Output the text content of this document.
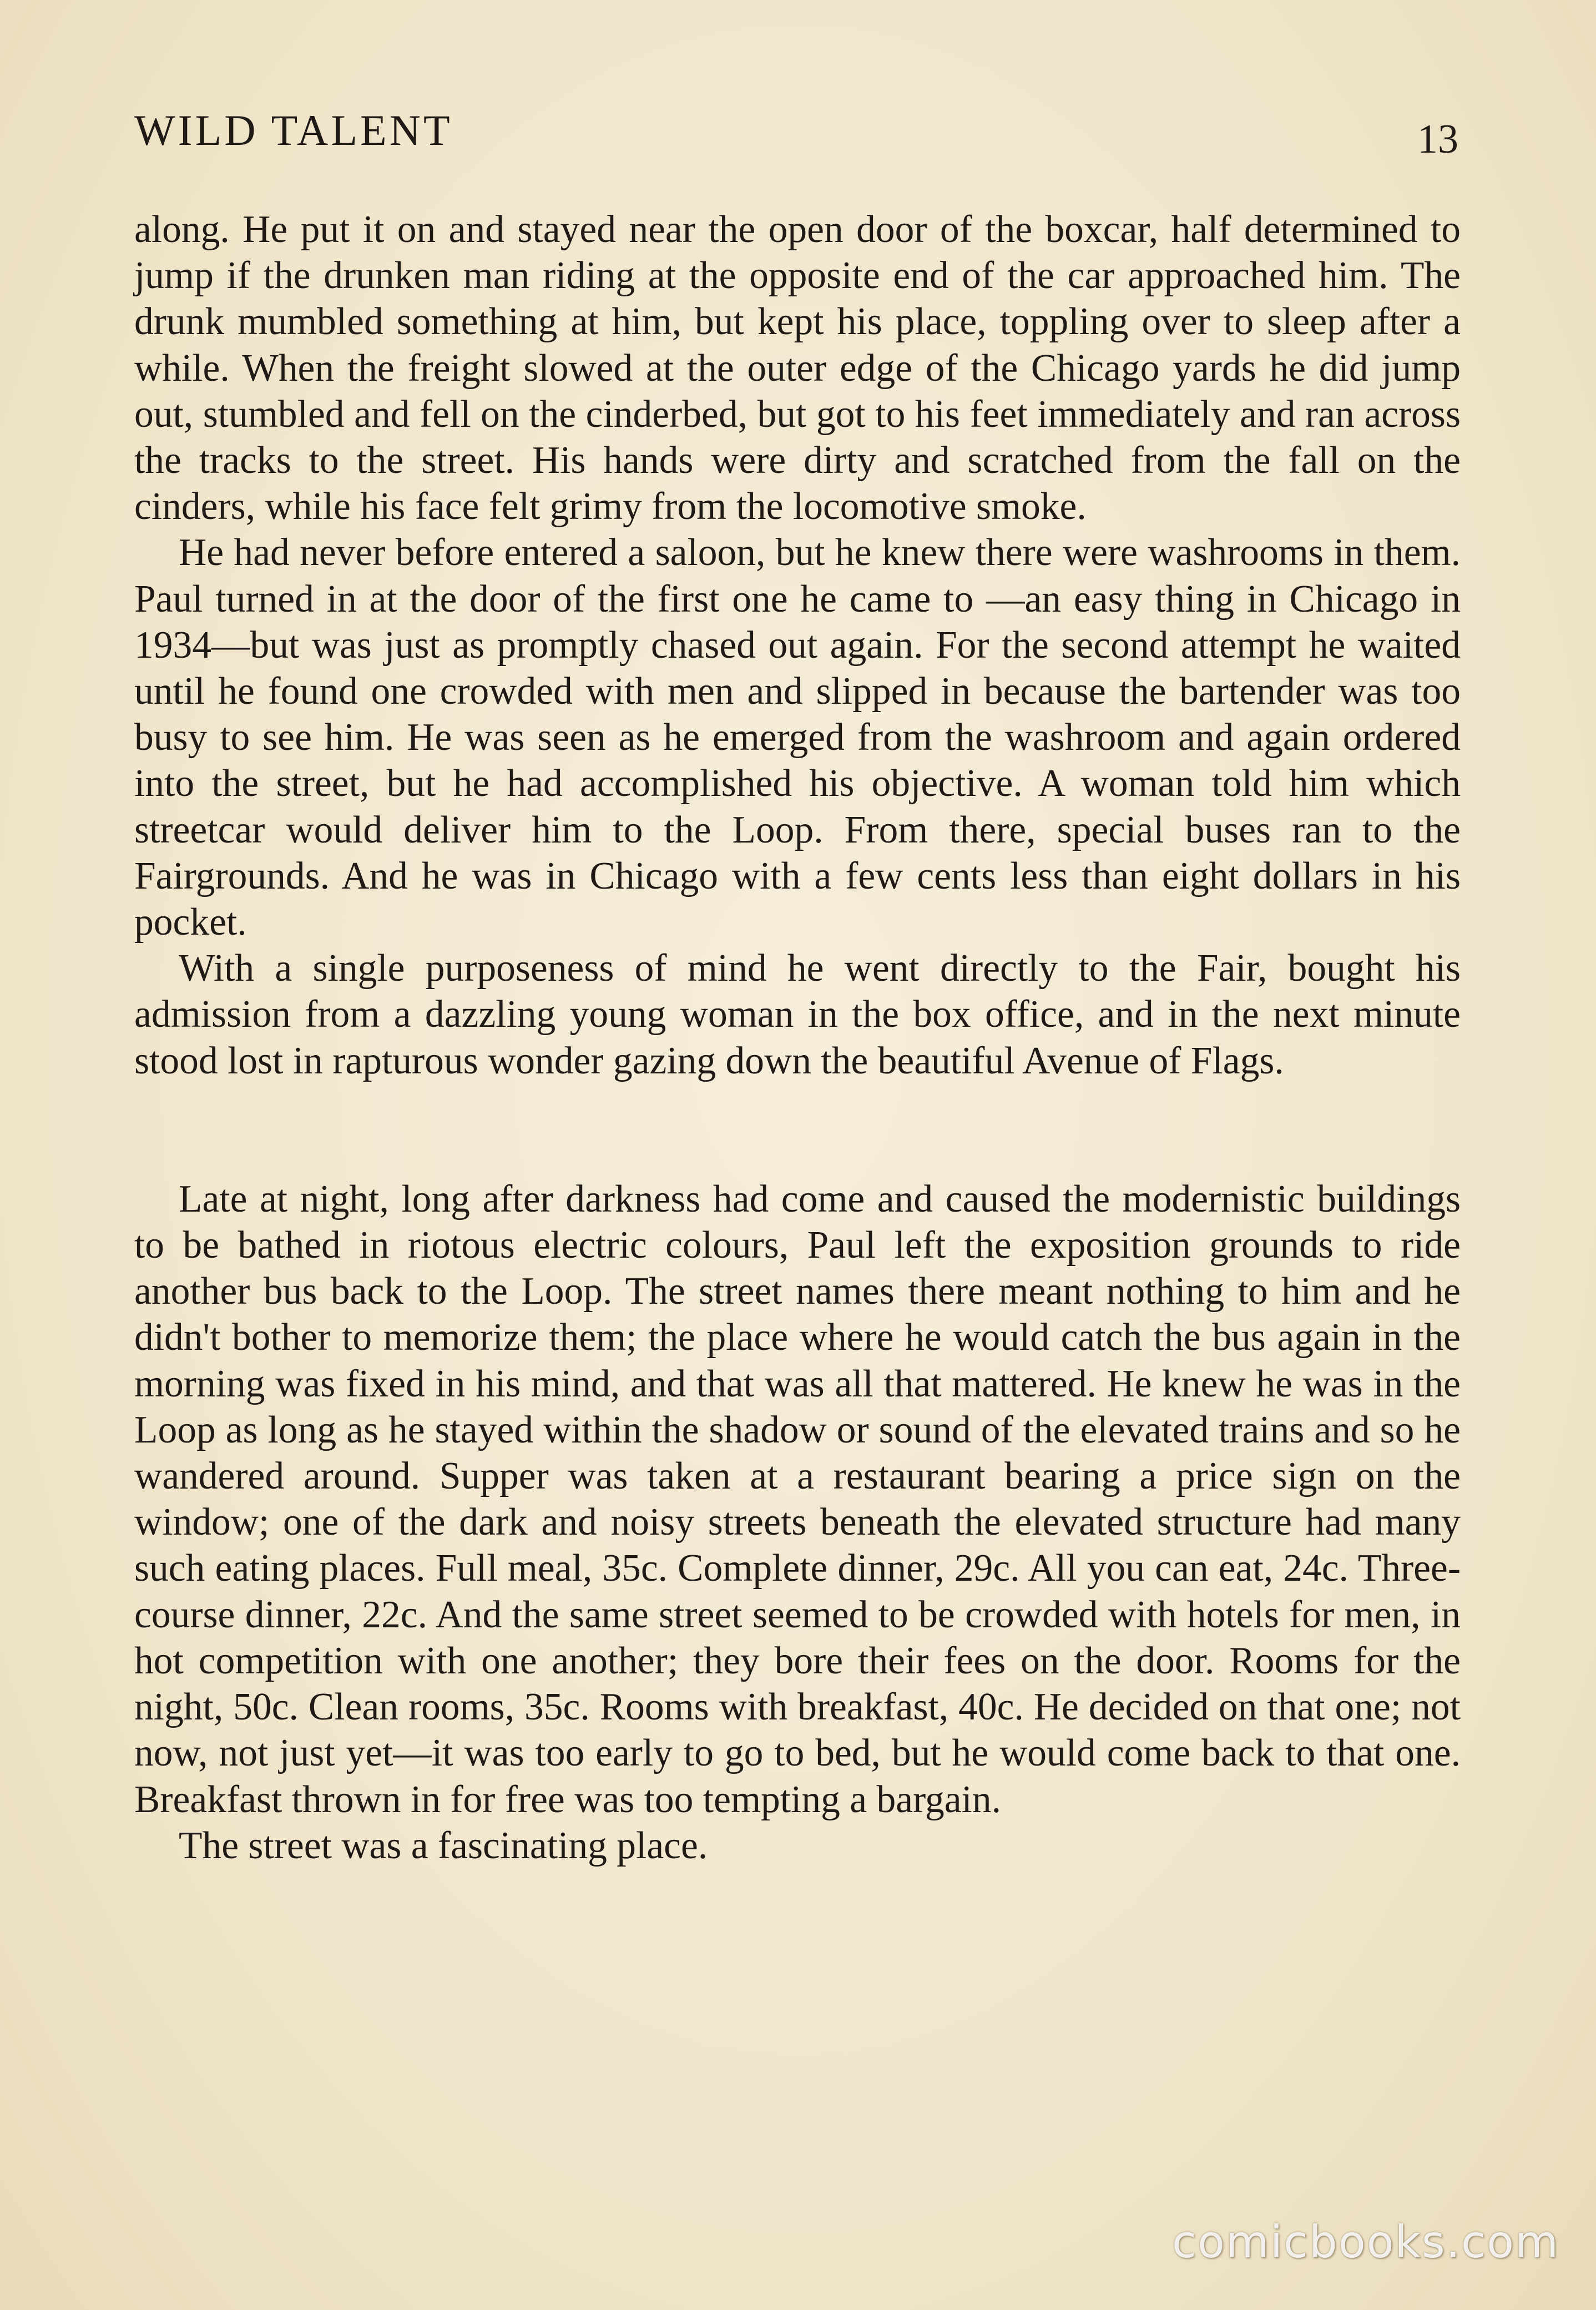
WILD TALENT	13

along. He put it on and stayed near the open door of the boxcar, half determined to jump if the drunken man riding at the opposite end of the car approached him. The drunk mumbled something at him, but kept his place, toppling over to sleep after a while. When the freight slowed at the outer edge of the Chicago yards he did jump out, stumbled and fell on the cinderbed, but got to his feet immediately and ran across the tracks to the street. His hands were dirty and scratched from the fall on the cinders, while his face felt grimy from the locomotive smoke.

He had never before entered a saloon, but he knew there were washrooms in them. Paul turned in at the door of the first one he came to —an easy thing in Chicago in 1934—but was just as promptly chased out again. For the second attempt he waited until he found one crowded with men and slipped in because the bartender was too busy to see him. He was seen as he emerged from the washroom and again ordered into the street, but he had accomplished his objective. A woman told him which streetcar would deliver him to the Loop. From there, special buses ran to the Fairgrounds. And he was in Chicago with a few cents less than eight dollars in his pocket.

With a single purposeness of mind he went directly to the Fair, bought his admission from a dazzling young woman in the box office, and in the next minute stood lost in rapturous wonder gazing down the beautiful Avenue of Flags.

Late at night, long after darkness had come and caused the modernistic buildings to be bathed in riotous electric colours, Paul left the exposition grounds to ride another bus back to the Loop. The street names there meant nothing to him and he didn't bother to memorize them; the place where he would catch the bus again in the morning was fixed in his mind, and that was all that mattered. He knew he was in the Loop as long as he stayed within the shadow or sound of the elevated trains and so he wandered around. Supper was taken at a restaurant bearing a price sign on the window; one of the dark and noisy streets beneath the elevated structure had many such eating places. Full meal, 35c. Complete dinner, 29c. All you can eat, 24c. Three-course dinner, 22c. And the same street seemed to be crowded with hotels for men, in hot competition with one another; they bore their fees on the door. Rooms for the night, 50c. Clean rooms, 35c. Rooms with breakfast, 40c. He decided on that one; not now, not just yet—it was too early to go to bed, but he would come back to that one. Breakfast thrown in for free was too tempting a bargain.

The street was a fascinating place.

comicbooks.com
